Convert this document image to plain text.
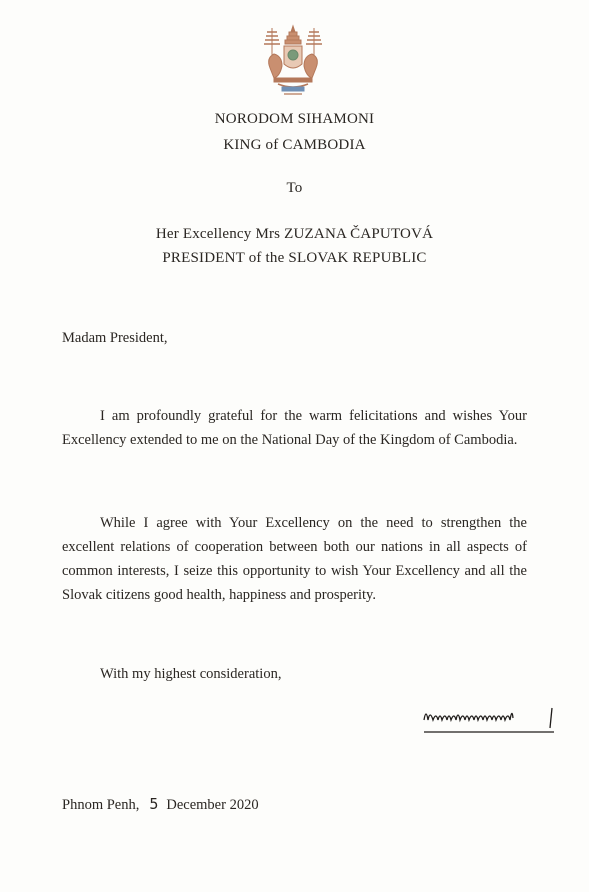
NORODOM SIHAMONI
KING of CAMBODIA
To
Her Excellency Mrs ZUZANA ČAPUTOVÁ
PRESIDENT of the SLOVAK REPUBLIC
Madam President,
I am profoundly grateful for the warm felicitations and wishes Your Excellency extended to me on the National Day of the Kingdom of Cambodia.
While I agree with Your Excellency on the need to strengthen the excellent relations of cooperation between both our nations in all aspects of common interests, I seize this opportunity to wish Your Excellency and all the Slovak citizens good health, happiness and prosperity.
With my highest consideration,
Phnom Penh, 5 December 2020
